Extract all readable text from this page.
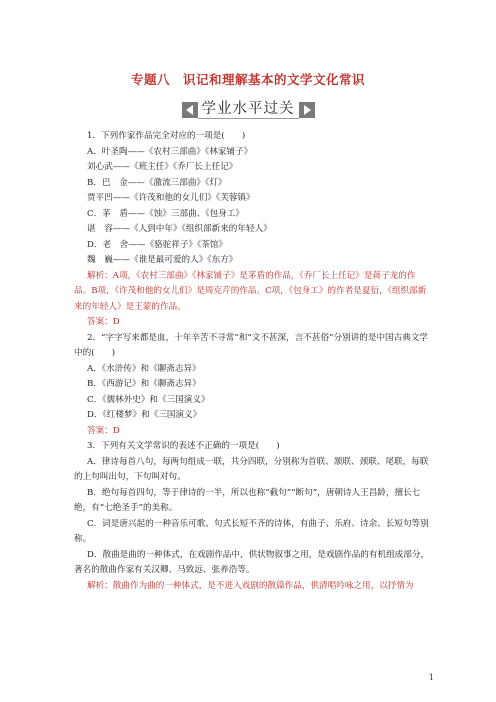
专题八　识记和理解基本的文学文化常识
学业水平过关

1．下列作家作品完全对应的一项是(　　)

A．叶圣陶——《农村三部曲》《林家铺子》

刘心武——《班主任》《乔厂长上任记》

B．巴　金——《激流三部曲》《灯》

贾平凹——《许茂和他的女儿们》《芙蓉镇》

C．茅　盾——《蚀》三部曲、《包身工》

谌　容——《人到中年》《组织部新来的年轻人》

D．老　舍——《骆驼祥子》《茶馆》

魏　巍——《谁是最可爱的人》《东方》

解析：A项，《农村三部曲》《林家铺子》是茅盾的作品，《乔厂长上任记》是蒋子龙的作品。B项，《许茂和他的女儿们》是周克芹的作品。C项，《包身工》的作者是夏衍，《组织部新来的年轻人》是王蒙的作品。

答案：D

2．“字字写来都是血，十年辛苦不寻常”和“文不甚深，言不甚俗”分别讲的是中国古典文学中的(　　)

A．《水浒传》和《聊斋志异》

B．《西游记》和《聊斋志异》

C．《儒林外史》和《三国演义》

D．《红楼梦》和《三国演义》

答案：D

3．下列有关文学常识的表述不正确的一项是(　　)

A．律诗每首八句，每两句组成一联，共分四联，分别称为首联、颔联、颈联、尾联，每联的上句叫出句，下句叫对句。

B．绝句每首四句，等于律诗的一半，所以也称“截句”“断句”，唐朝诗人王昌龄，擅长七绝，有“七绝圣手”的美称。

C．词是唐兴起的一种音乐可歌、句式长短不齐的诗体，有曲子、乐府、诗余、长短句等别称。

D．散曲是曲的一种体式，在戏剧作品中，供状物叙事之用，是戏剧作品的有机组成部分，著名的散曲作家有关汉卿、马致远、张养浩等。

解析：散曲作为曲的一种体式，是不进入戏剧的散篇作品，供清唱吟咏之用，以抒情为

1
